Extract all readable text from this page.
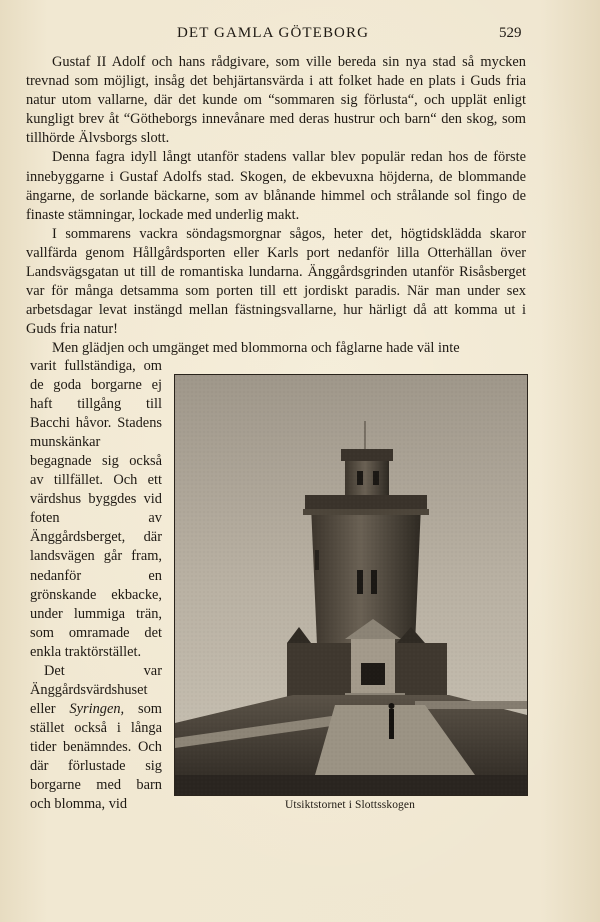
DET GAMLA GÖTEBORG	529

Gustaf II Adolf och hans rådgivare, som ville bereda sin nya stad så mycken trevnad som möjligt, insåg det behjärtansvärda i att folket hade en plats i Guds fria natur utom vallarne, där det kunde om “sommaren sig förlusta“, och upplät enligt kungligt brev åt “Götheborgs innevånare med deras hustrur och barn“ den skog, som tillhörde Älvsborgs slott.

Denna fagra idyll långt utanför stadens vallar blev populär redan hos de förste innebyggarne i Gustaf Adolfs stad. Skogen, de ekbevuxna höjderna, de blommande ängarne, de sorlande bäckarne, som av blånande himmel och strålande sol fingo de finaste stämningar, lockade med underlig makt.

I sommarens vackra söndagsmorgnar sågos, heter det, högtidsklädda skaror vallfärda genom Hållgårdsporten eller Karls port nedanför lilla Otterhällan över Landsvägsgatan ut till de romantiska lundarna. Änggårdsgrinden utanför Risåsberget var för många detsamma som porten till ett jordiskt paradis. När man under sex arbetsdagar levat instängd mellan fästningsvallarne, hur härligt då att komma ut i Guds fria natur!

Men glädjen och umgänget med blommorna och fåglarne hade väl inte

varit fullständiga, om de goda borgarne ej haft tillgång till Bacchi håvor. Stadens munskänkar begagnade sig också av tillfället. Och ett värdshus byggdes vid foten av Änggårdsberget, där landsvägen går fram, nedanför en grönskande ekbacke, under lummiga trän, som omramade det enkla traktörstället.

Det var Änggårdsvärdshuset eller Syringen, som stället också i långa tider benämndes. Och där förlustade sig borgarne med barn och blomma, vid	Utsiktstornet i Slottsskogen
